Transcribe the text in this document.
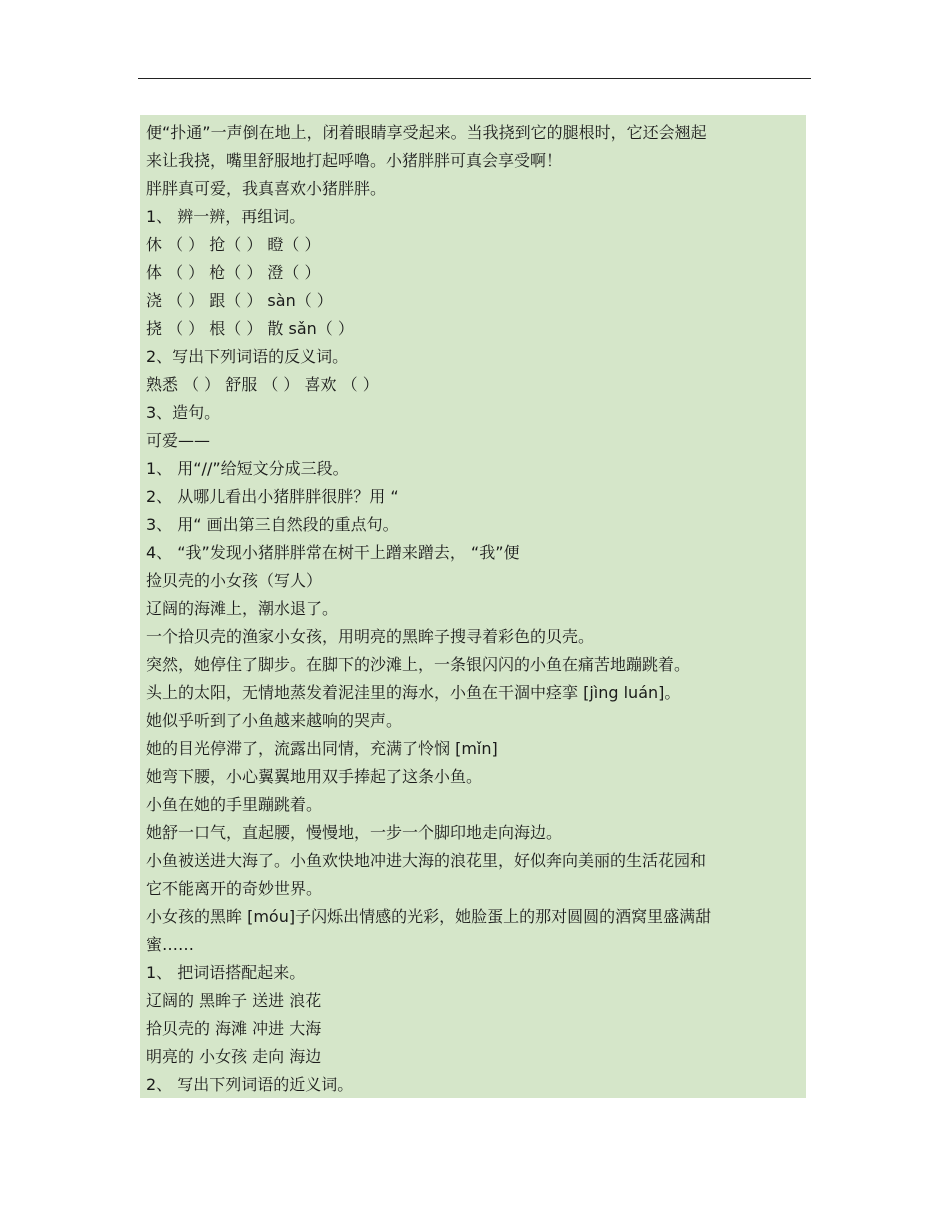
便“扑通”一声倒在地上，闭着眼睛享受起来。当我挠到它的腿根时，它还会翘起
来让我挠，嘴里舒服地打起呼噜。小猪胖胖可真会享受啊！
胖胖真可爱，我真喜欢小猪胖胖。
1、 辨一辨，再组词。
休 （ ） 抢（ ） 瞪（ ）
体 （ ） 枪（ ） 澄（ ）
浇 （ ） 跟（ ） sàn（ ）
挠 （ ） 根（ ） 散 sǎn（ ）
2、写出下列词语的反义词。
熟悉 （ ） 舒服 （ ） 喜欢 （ ）
3、造句。
可爱——
1、 用“//”给短文分成三段。
2、 从哪儿看出小猪胖胖很胖？用 “
3、 用“ 画出第三自然段的重点句。
4、 “我”发现小猪胖胖常在树干上蹭来蹭去， “我”便
捡贝壳的小女孩（写人）
辽阔的海滩上，潮水退了。
一个拾贝壳的渔家小女孩，用明亮的黑眸子搜寻着彩色的贝壳。
突然，她停住了脚步。在脚下的沙滩上，一条银闪闪的小鱼在痛苦地蹦跳着。
头上的太阳，无情地蒸发着泥洼里的海水，小鱼在干涸中痉挛 [jìng luán]。
她似乎听到了小鱼越来越响的哭声。
她的目光停滞了，流露出同情，充满了怜悯 [mǐn]
她弯下腰，小心翼翼地用双手捧起了这条小鱼。
小鱼在她的手里蹦跳着。
她舒一口气，直起腰，慢慢地，一步一个脚印地走向海边。
小鱼被送进大海了。小鱼欢快地冲进大海的浪花里，好似奔向美丽的生活花园和
它不能离开的奇妙世界。
小女孩的黑眸 [móu]子闪烁出情感的光彩，她脸蛋上的那对圆圆的酒窝里盛满甜
蜜……
1、 把词语搭配起来。
辽阔的 黑眸子 送进 浪花
拾贝壳的 海滩 冲进 大海
明亮的 小女孩 走向 海边
2、 写出下列词语的近义词。
